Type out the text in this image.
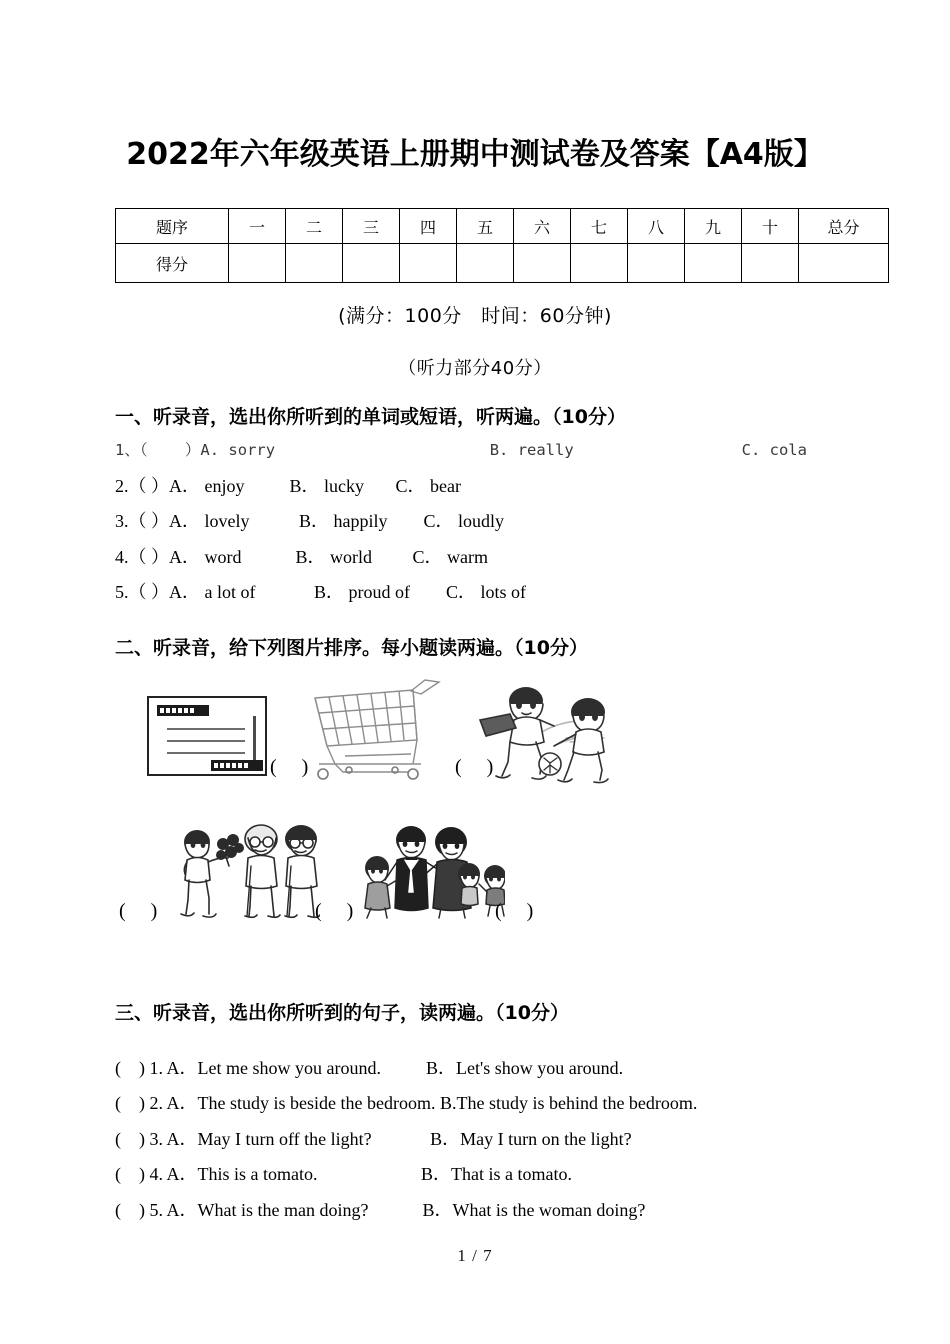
2022年六年级英语上册期中测试卷及答案【A4版】
题序	一	二	三	四	五	六	七	八	九	十	总分
得分											
(满分：100分　时间：60分钟)
（听力部分40分）
一、听录音，选出你所听到的单词或短语，听两遍。（10分）
1、（    ）A. sorry                       B. really                  C. cola
2.（ ）A． enjoy          B． lucky       C． bear
3.（ ）A． lovely           B． happily        C． loudly
4.（ ）A． word            B． world         C． warm
5.（ ）A． a lot of             B． proud of        C． lots of
二、听录音，给下列图片排序。每小题读两遍。（10分）
( )	( )
( )	( )	( )
三、听录音，选出你所听到的句子，读两遍。（10分）
(    ) 1. A．Let me show you around.          B．Let's show you around.
(    ) 2. A．The study is beside the bedroom. B.The study is behind the bedroom.
(    ) 3. A．May I turn off the light?             B．May I turn on the light?
(    ) 4. A．This is a tomato.                       B．That is a tomato.
(    ) 5. A．What is the man doing?            B．What is the woman doing?
1 / 7
